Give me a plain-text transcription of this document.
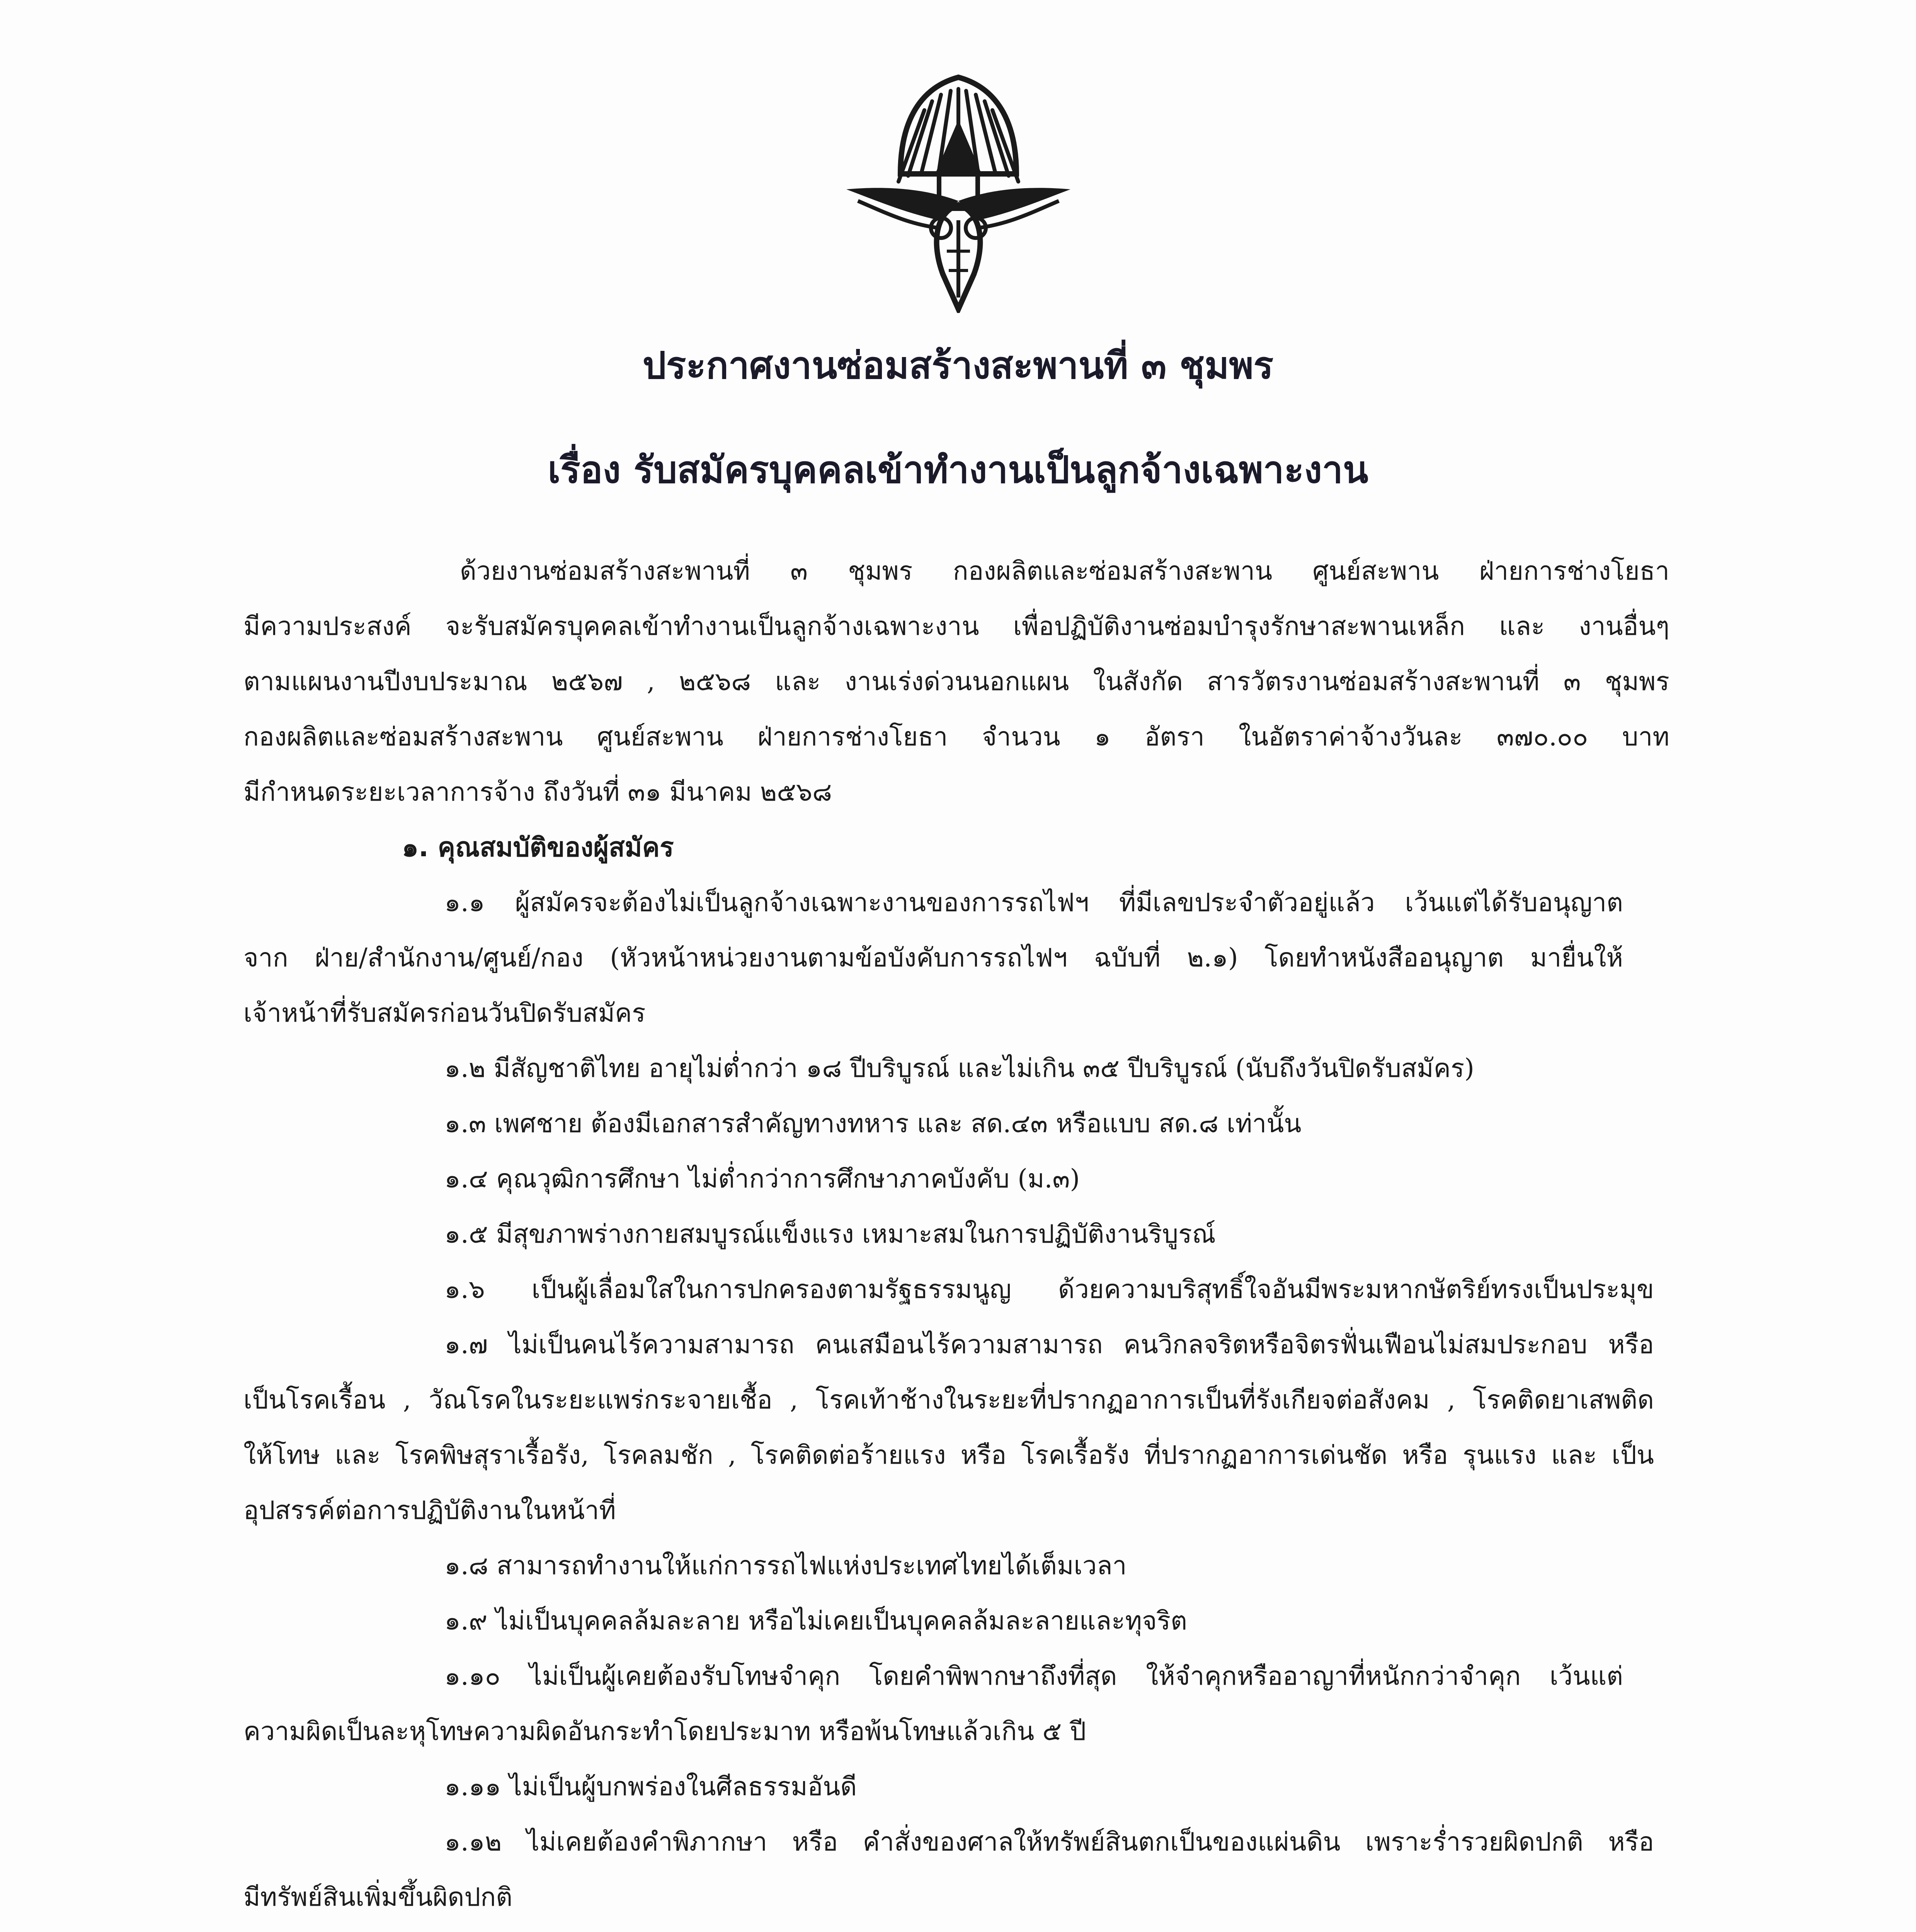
ประกาศงานซ่อมสร้างสะพานที่ ๓ ชุมพร
เรื่อง รับสมัครบุคคลเข้าทำงานเป็นลูกจ้างเฉพาะงาน
ด้วยงานซ่อมสร้างสะพานที่ ๓ ชุมพร กองผลิตและซ่อมสร้างสะพาน ศูนย์สะพาน ฝ่ายการช่างโยธา
มีความประสงค์ จะรับสมัครบุคคลเข้าทำงานเป็นลูกจ้างเฉพาะงาน เพื่อปฏิบัติงานซ่อมบำรุงรักษาสะพานเหล็ก และ งานอื่นๆ
ตามแผนงานปีงบประมาณ ๒๕๖๗ , ๒๕๖๘ และ งานเร่งด่วนนอกแผน ในสังกัด สารวัตรงานซ่อมสร้างสะพานที่ ๓ ชุมพร
กองผลิตและซ่อมสร้างสะพาน ศูนย์สะพาน ฝ่ายการช่างโยธา จำนวน ๑ อัตรา ในอัตราค่าจ้างวันละ ๓๗๐.๐๐ บาท
มีกำหนดระยะเวลาการจ้าง ถึงวันที่ ๓๑ มีนาคม ๒๕๖๘
๑. คุณสมบัติของผู้สมัคร
๑.๑ ผู้สมัครจะต้องไม่เป็นลูกจ้างเฉพาะงานของการรถไฟฯ ที่มีเลขประจำตัวอยู่แล้ว เว้นแต่ได้รับอนุญาต
จาก ฝ่าย/สำนักงาน/ศูนย์/กอง (หัวหน้าหน่วยงานตามข้อบังคับการรถไฟฯ ฉบับที่ ๒.๑) โดยทำหนังสืออนุญาต มายื่นให้
เจ้าหน้าที่รับสมัครก่อนวันปิดรับสมัคร
๑.๒ มีสัญชาติไทย อายุไม่ต่ำกว่า ๑๘ ปีบริบูรณ์ และไม่เกิน ๓๕ ปีบริบูรณ์ (นับถึงวันปิดรับสมัคร)
๑.๓ เพศชาย ต้องมีเอกสารสำคัญทางทหาร และ สด.๔๓ หรือแบบ สด.๘ เท่านั้น
๑.๔ คุณวุฒิการศึกษา ไม่ต่ำกว่าการศึกษาภาคบังคับ (ม.๓)
๑.๕ มีสุขภาพร่างกายสมบูรณ์แข็งแรง เหมาะสมในการปฏิบัติงานริบูรณ์
๑.๖ เป็นผู้เลื่อมใสในการปกครองตามรัฐธรรมนูญ ด้วยความบริสุทธิ์ใจอันมีพระมหากษัตริย์ทรงเป็นประมุข
๑.๗ ไม่เป็นคนไร้ความสามารถ คนเสมือนไร้ความสามารถ คนวิกลจริตหรือจิตรฟั่นเฟือนไม่สมประกอบ หรือ
เป็นโรคเรื้อน , วัณโรคในระยะแพร่กระจายเชื้อ , โรคเท้าช้างในระยะที่ปรากฏอาการเป็นที่รังเกียจต่อสังคม , โรคติดยาเสพติด
ให้โทษ และ โรคพิษสุราเรื้อรัง, โรคลมชัก , โรคติดต่อร้ายแรง หรือ โรคเรื้อรัง ที่ปรากฏอาการเด่นชัด หรือ รุนแรง และ เป็น
อุปสรรค์ต่อการปฏิบัติงานในหน้าที่
๑.๘ สามารถทำงานให้แก่การรถไฟแห่งประเทศไทยได้เต็มเวลา
๑.๙ ไม่เป็นบุคคลล้มละลาย หรือไม่เคยเป็นบุคคลล้มละลายและทุจริต
๑.๑๐ ไม่เป็นผู้เคยต้องรับโทษจำคุก โดยคำพิพากษาถึงที่สุด ให้จำคุกหรืออาญาที่หนักกว่าจำคุก เว้นแต่
ความผิดเป็นละหุโทษความผิดอันกระทำโดยประมาท หรือพ้นโทษแล้วเกิน ๕ ปี
๑.๑๑ ไม่เป็นผู้บกพร่องในศีลธรรมอันดี
๑.๑๒ ไม่เคยต้องคำพิภากษา หรือ คำสั่งของศาลให้ทรัพย์สินตกเป็นของแผ่นดิน เพราะร่ำรวยผิดปกติ หรือ
มีทรัพย์สินเพิ่มขึ้นผิดปกติ
